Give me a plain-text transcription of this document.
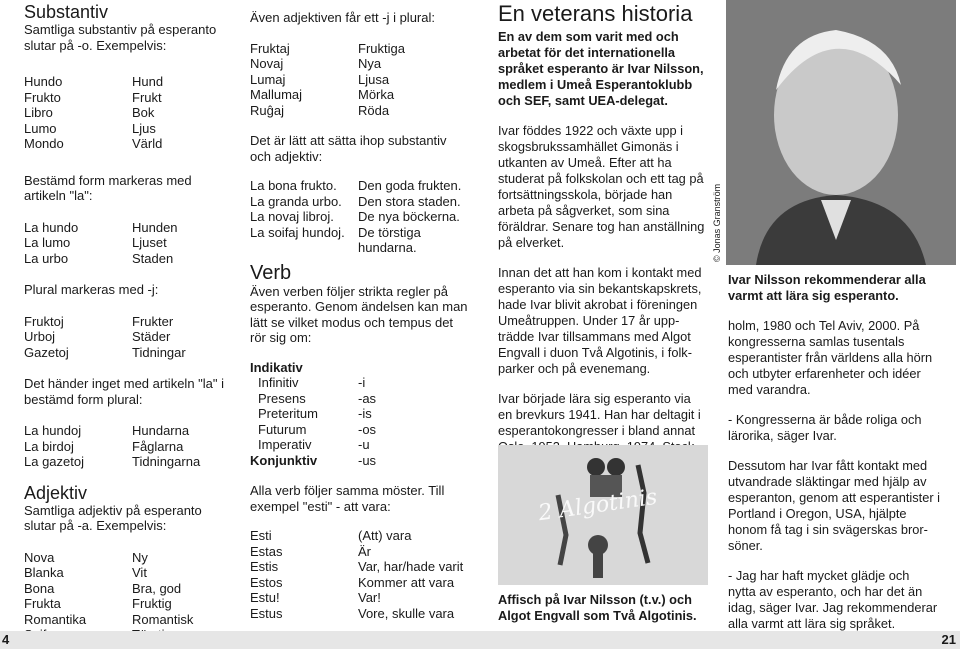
Substantiv
Samtliga substantiv på esperanto slutar på -o. Exempelvis:
Hundo	Hund
Frukto	Frukt
Libro	Bok
Lumo	Ljus
Mondo	Värld
Bestämd form markeras med artikeln "la":
La hundo	Hunden
La lumo	Ljuset
La urbo	Staden
Plural markeras med -j:
Fruktoj	Frukter
Urboj	Städer
Gazetoj	Tidningar
Det händer inget med artikeln "la" i bestämd form plural:
La hundoj	Hundarna
La birdoj	Fåglarna
La gazetoj	Tidningarna
Adjektiv
Samtliga adjektiv på esperanto slutar på -a. Exempelvis:
Nova	Ny
Blanka	Vit
Bona	Bra, god
Frukta	Fruktig
Romantika	Romantisk
Även adjektiven får ett -j i plural:
Fruktaj	Fruktiga
Novaj	Nya
Lumaj	Ljusa
Mallumaj	Mörka
Ruĝaj	Röda
Det är lätt att sätta ihop substantiv och adjektiv:
La bona frukto.	Den goda frukten.
La granda urbo.	Den stora staden.
La novaj libroj.	De nya böckerna.
La soifaj hundoj.	De törstiga hundarna.
Verb
Även verben följer strikta regler på esperanto. Genom ändelsen kan man lätt se vilket modus och tempus det rör sig om:
Indikativ
Infinitiv	-i
Presens	-as
Preteritum	-is
Futurum	-os
Imperativ	-u
Konjunktiv	-us
Alla verb följer samma möster. Till exempel "esti" - att vara:
Esti	(Att) vara
Estas	Är
Estis	Var, har/hade varit
Estos	Kommer att vara
Estu!	Var!
Estus	Vore, skulle vara
4
En veterans historia
En av dem som varit med och arbetat för det internationella språket esperanto är Ivar Nilsson, medlem i Umeå Esperantoklubb och SEF, samt UEA-delegat.
Ivar föddes 1922 och växte upp i skogsbrukssamhället Gimonäs i utkanten av Umeå. Efter att ha studerat på folkskolan och ett tag på fortsättningsskola, började han arbeta på sågverket, som sina föräldrar. Senare tog han anställning på elverket.
Innan det att han kom i kontakt med esperanto via sin bekantskapskrets, hade Ivar blivit akrobat i föreningen Umeåtruppen. Under 17 år upp-trädde Ivar tillsammans med Algot Engvall i duon Två Algotinis, i folk-parker och på evenemang.
Ivar började lära sig esperanto via en brevkurs 1941. Han har deltagit i esperantokongresser i bland annat
2 Algotinis
Affisch på Ivar Nilsson (t.v.) och Algot Engvall som Två Algotinis.
© Jonas Granström
Ivar Nilsson rekommenderar alla varmt att lära sig esperanto.
holm, 1980 och Tel Aviv, 2000. På kongresserna samlas tusentals esperantister från världens alla hörn och utbyter erfarenheter och idéer med varandra.
- Kongresserna är både roliga och lärorika, säger Ivar.
Dessutom har Ivar fått kontakt med utvandrade släktingar med hjälp av esperanton, genom att esperantister i Portland i Oregon, USA, hjälpte honom få tag i sin svägerskas bror-söner.
- Jag har haft mycket glädje och nytta av esperanto, och har det än idag, säger Ivar. Jag rekommenderar alla varmt att lära sig språket.
21
